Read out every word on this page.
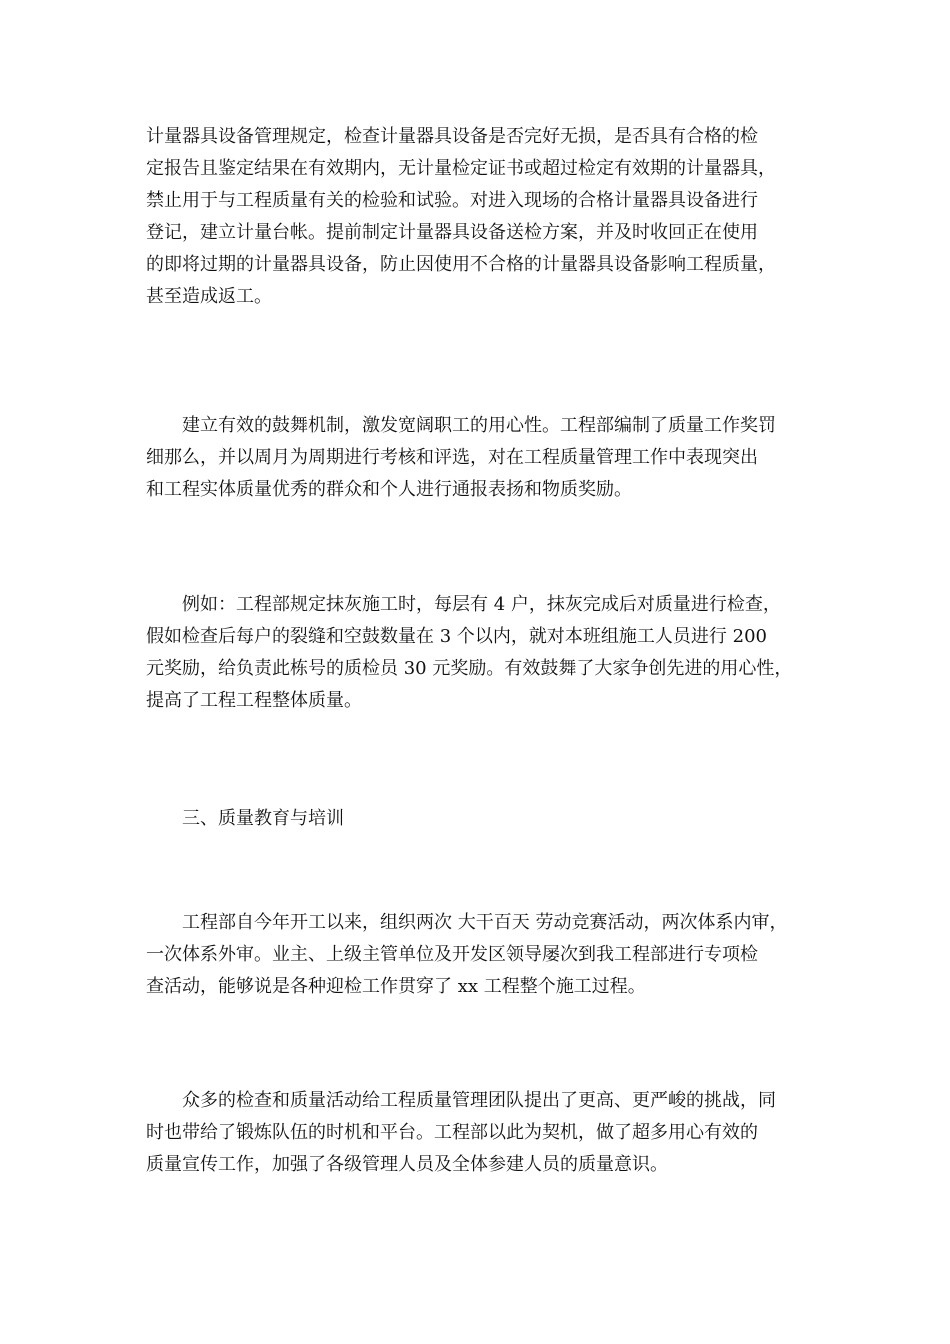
计量器具设备管理规定，检查计量器具设备是否完好无损，是否具有合格的检
定报告且鉴定结果在有效期内，无计量检定证书或超过检定有效期的计量器具，
禁止用于与工程质量有关的检验和试验。对进入现场的合格计量器具设备进行
登记，建立计量台帐。提前制定计量器具设备送检方案，并及时收回正在使用
的即将过期的计量器具设备，防止因使用不合格的计量器具设备影响工程质量，
甚至造成返工。
　　建立有效的鼓舞机制，激发宽阔职工的用心性。工程部编制了质量工作奖罚
细那么，并以周月为周期进行考核和评选，对在工程质量管理工作中表现突出
和工程实体质量优秀的群众和个人进行通报表扬和物质奖励。
　　例如：工程部规定抹灰施工时，每层有 4 户，抹灰完成后对质量进行检查，
假如检查后每户的裂缝和空鼓数量在 3 个以内，就对本班组施工人员进行 200
元奖励，给负责此栋号的质检员 30 元奖励。有效鼓舞了大家争创先进的用心性，
提高了工程工程整体质量。
　　三、质量教育与培训
　　工程部自今年开工以来，组织两次 大干百天 劳动竞赛活动，两次体系内审，
一次体系外审。业主、上级主管单位及开发区领导屡次到我工程部进行专项检
查活动，能够说是各种迎检工作贯穿了 xx 工程整个施工过程。
　　众多的检查和质量活动给工程质量管理团队提出了更高、更严峻的挑战，同
时也带给了锻炼队伍的时机和平台。工程部以此为契机，做了超多用心有效的
质量宣传工作，加强了各级管理人员及全体参建人员的质量意识。
